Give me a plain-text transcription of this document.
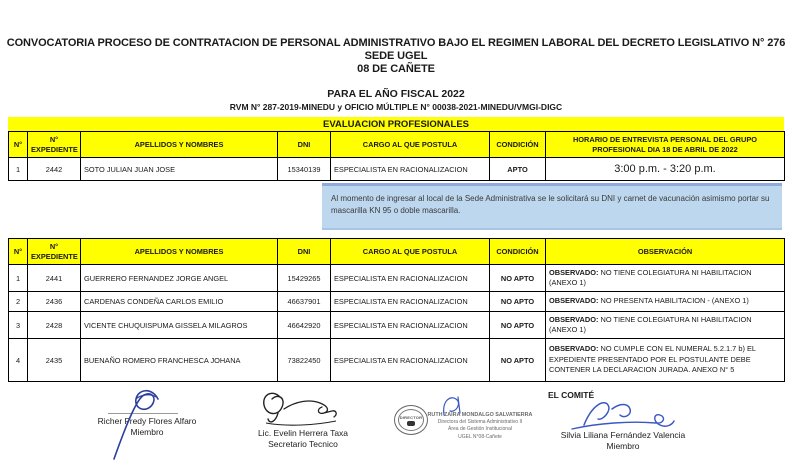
CONVOCATORIA PROCESO DE CONTRATACION DE PERSONAL ADMINISTRATIVO BAJO EL REGIMEN LABORAL DEL DECRETO LEGISLATIVO N° 276 SEDE UGEL
08 DE CAÑETE
PARA EL AÑO FISCAL 2022
RVM N° 287-2019-MINEDU y OFICIO MÚLTIPLE N° 00038-2021-MINEDU/VMGI-DIGC
EVALUACION PROFESIONALES
N°	N° EXPEDIENTE	APELLIDOS Y NOMBRES	DNI	CARGO AL QUE POSTULA	CONDICIÓN	HORARIO DE ENTREVISTA PERSONAL DEL GRUPO PROFESIONAL DIA 18 DE ABRIL DE 2022
1	2442	SOTO JULIAN JUAN JOSE	15340139	ESPECIALISTA EN RACIONALIZACION	APTO	3:00 p.m. - 3:20 p.m.
Al momento de ingresar al local de la Sede Administrativa se le solicitará su DNI y carnet de vacunación asimismo portar su mascarilla KN 95 o doble mascarilla.
N°	N° EXPEDIENTE	APELLIDOS Y NOMBRES	DNI	CARGO AL QUE POSTULA	CONDICIÓN	OBSERVACIÓN
1	2441	GUERRERO FERNANDEZ JORGE ANGEL	15429265	ESPECIALISTA EN RACIONALIZACION	NO APTO	OBSERVADO: NO TIENE COLEGIATURA NI HABILITACION (ANEXO 1)
2	2436	CARDENAS CONDEÑA CARLOS EMILIO	46637901	ESPECIALISTA EN RACIONALIZACION	NO APTO	OBSERVADO: NO PRESENTA HABILITACION - (ANEXO 1)
3	2428	VICENTE CHUQUISPUMA GISSELA MILAGROS	46642920	ESPECIALISTA EN RACIONALIZACION	NO APTO	OBSERVADO: NO TIENE COLEGIATURA NI HABILITACION (ANEXO 1)
4	2435	BUENAÑO ROMERO FRANCHESCA JOHANA	73822450	ESPECIALISTA EN RACIONALIZACION	NO APTO	OBSERVADO: NO CUMPLE CON EL NUMERAL 5.2.1.7 b) EL EXPEDIENTE PRESENTADO POR EL POSTULANTE DEBE CONTENER LA DECLARACION JURADA. ANEXO N° 5
Richer Fredy Flores Alfaro
Miembro	Lic. Evelin Herrera Taxa
Secretario Tecnico
DIRECTOR RUTH ZAIRA MONDALGO SALVATIERRA
Directora del Sistema Administrativo II
Área de Gestión Institucional
UGEL N°08-Cañete
EL COMITÉ
Silvia Liliana Fernández Valencia
Miembro
